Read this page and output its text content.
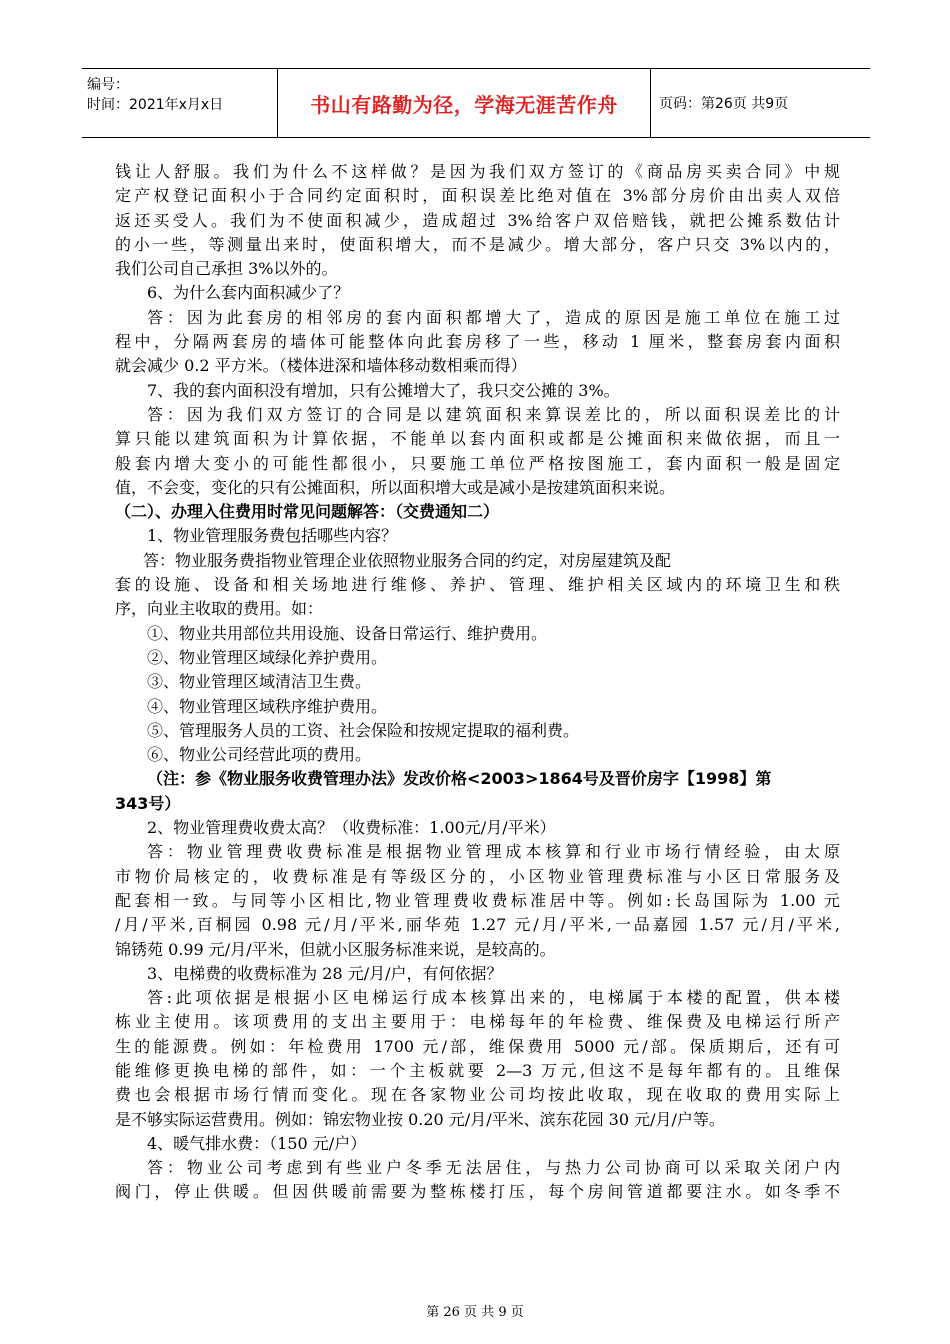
编号：
时间：2021年x月x日	书山有路勤为径，学海无涯苦作舟	页码：第26页 共9页
钱让人舒服。我们为什么不这样做？是因为我们双方签订的《商品房买卖合同》中规
定产权登记面积小于合同约定面积时，面积误差比绝对值在 3%部分房价由出卖人双倍
返还买受人。我们为不使面积减少，造成超过 3%给客户双倍赔钱，就把公摊系数估计
的小一些，等测量出来时，使面积增大，而不是减少。增大部分，客户只交 3%以内的，
我们公司自己承担 3%以外的。
6、为什么套内面积减少了？
答：因为此套房的相邻房的套内面积都增大了，造成的原因是施工单位在施工过
程中，分隔两套房的墙体可能整体向此套房移了一些，移动 1 厘米，整套房套内面积
就会减少 0.2 平方米。（楼体进深和墙体移动数相乘而得）
7、我的套内面积没有增加，只有公摊增大了，我只交公摊的 3%。
答：因为我们双方签订的合同是以建筑面积来算误差比的，所以面积误差比的计
算只能以建筑面积为计算依据，不能单以套内面积或都是公摊面积来做依据，而且一
般套内增大变小的可能性都很小，只要施工单位严格按图施工，套内面积一般是固定
值，不会变，变化的只有公摊面积，所以面积增大或是减小是按建筑面积来说。
（二）、办理入住费用时常见问题解答：（交费通知二）
1、物业管理服务费包括哪些内容？
答：物业服务费指物业管理企业依照物业服务合同的约定，对房屋建筑及配
套的设施、设备和相关场地进行维修、养护、管理、维护相关区域内的环境卫生和秩
序，向业主收取的费用。如：
①、物业共用部位共用设施、设备日常运行、维护费用。
②、物业管理区域绿化养护费用。
③、物业管理区域清洁卫生费。
④、物业管理区域秩序维护费用。
⑤、管理服务人员的工资、社会保险和按规定提取的福利费。
⑥、物业公司经营此项的费用。
（注：参《物业服务收费管理办法》发改价格<2003>1864号及晋价房字【1998】第
343号）
2、物业管理费收费太高？（收费标准：1.00元/月/平米）
答：物业管理费收费标准是根据物业管理成本核算和行业市场行情经验，由太原
市物价局核定的，收费标准是有等级区分的，小区物业管理费标准与小区日常服务及
配套相一致。与同等小区相比,物业管理费收费标准居中等。例如:长岛国际为 1.00 元
/月/平米,百桐园 0.98 元/月/平米,丽华苑 1.27 元/月/平米,一品嘉园 1.57 元/月/平米,
锦锈苑 0.99 元/月/平米，但就小区服务标准来说，是较高的。
3、电梯费的收费标准为 28 元/月/户，有何依据？
答:此项依据是根据小区电梯运行成本核算出来的，电梯属于本楼的配置，供本楼
栋业主使用。该项费用的支出主要用于：电梯每年的年检费、维保费及电梯运行所产
生的能源费。例如：年检费用 1700 元/部，维保费用 5000 元/部。保质期后，还有可
能维修更换电梯的部件，如：一个主板就要 2—3 万元,但这不是每年都有的。且维保
费也会根据市场行情而变化。现在各家物业公司均按此收取，现在收取的费用实际上
是不够实际运营费用。例如：锦宏物业按 0.20 元/月/平米、滨东花园 30 元/月/户等。
4、暖气排水费：（150 元/户）
答：物业公司考虑到有些业户冬季无法居住，与热力公司协商可以采取关闭户内
阀门，停止供暖。但因供暖前需要为整栋楼打压，每个房间管道都要注水。如冬季不
第 26 页 共 9 页
